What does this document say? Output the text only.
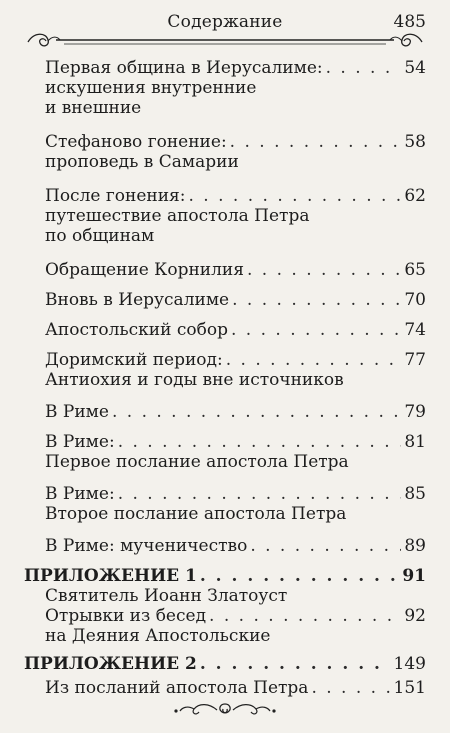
Содержание	485
Первая община в Иерусалиме: . . .	54
искушения внутренние
и внешние
Стефаново гонение: . . .	58
проповедь в Самарии
После гонения: . . .	62
путешествие апостола Петра
по общинам
Обращение Корнилия . . .	65
Вновь в Иерусалиме . . .	70
Апостольский собор . . .	74
Доримский период: . . .	77
Антиохия и годы вне источников
В Риме . . .	79
В Риме: . . .	81
Первое послание апостола Петра
В Риме: . . .	85
Второе послание апостола Петра
В Риме: мученичество . . .	89
ПРИЛОЖЕНИЕ 1 . . .	91
Святитель Иоанн Златоуст
Отрывки из бесед . . .	92
на Деяния Апостольские
ПРИЛОЖЕНИЕ 2 . . .	149
Из посланий апостола Петра . . .	151
